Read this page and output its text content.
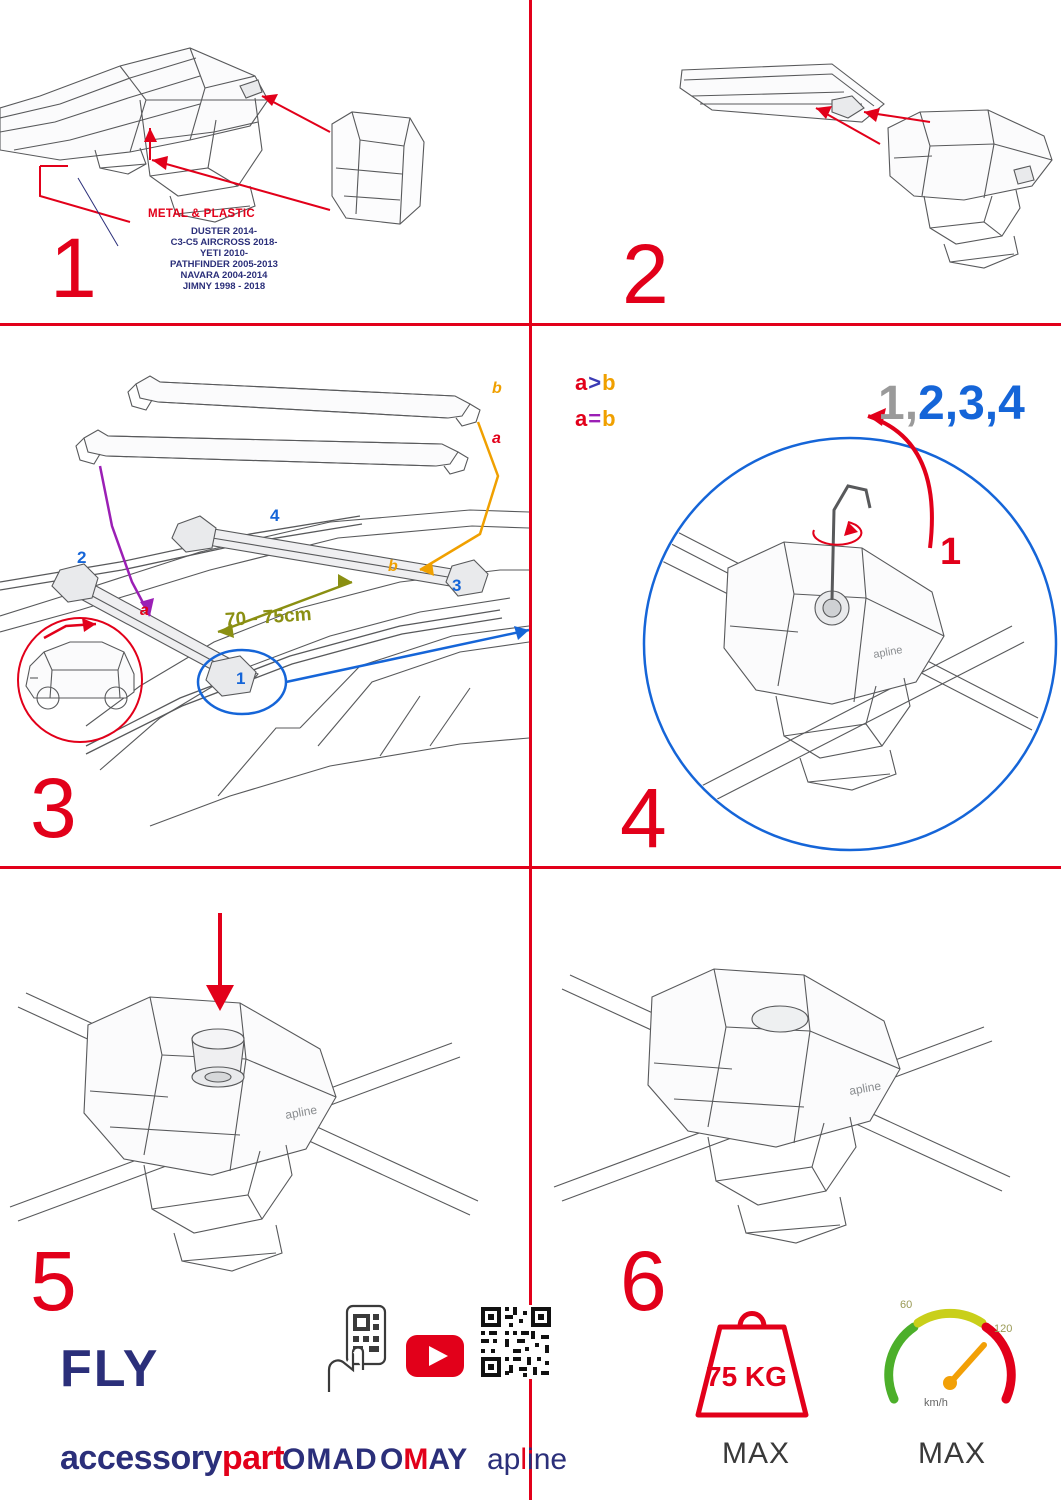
METAL & PLASTIC
DUSTER 2014-
C3-C5 AIRCROSS 2018-
YETI 2010-
PATHFINDER 2005-2013
NAVARA 2004-2014
JIMNY 1998 - 2018
1	2
b
a
b
a
2
3
4
1
70 - 75cm
3
a>b
a=b
apline
1,2,3,4
1
4
apline
5
FLY
accessorypart
OMAD OMAY apline
apline
6
75 KG
MAX
60
120
km/h
MAX
